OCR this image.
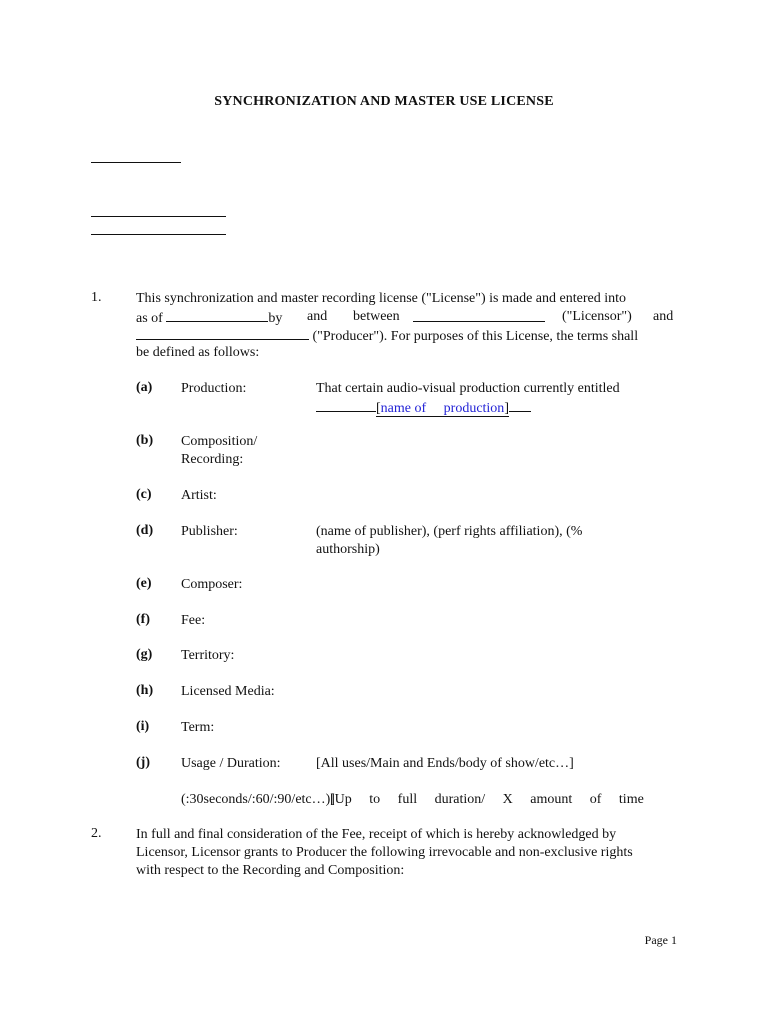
SYNCHRONIZATION AND MASTER USE LICENSE
1. This synchronization and master recording license ("License") is made and entered into
as of	by and between	("Licensor") and
("Producer"). For purposes of this License, the terms shall
be defined as follows:
(a) Production:	That certain audio-visual production currently entitled
[name of     production]
(b) Composition/
Recording:
(c) Artist:
(d) Publisher:	(name of publisher), (perf rights affiliation), (%
authorship)
(e) Composer:
(f) Fee:
(g) Territory:
(h) Licensed Media:
(i) Term:
(j) Usage / Duration:	[All uses/Main and Ends/body of show/etc…]

[Up     to     full     duration/     X     amount     of     time

(:30seconds/:60/:90/etc…)]
2. In full and final consideration of the Fee, receipt of which is hereby acknowledged by
Licensor, Licensor grants to Producer the following irrevocable and non-exclusive rights
with respect to the Recording and Composition:
Page 1
